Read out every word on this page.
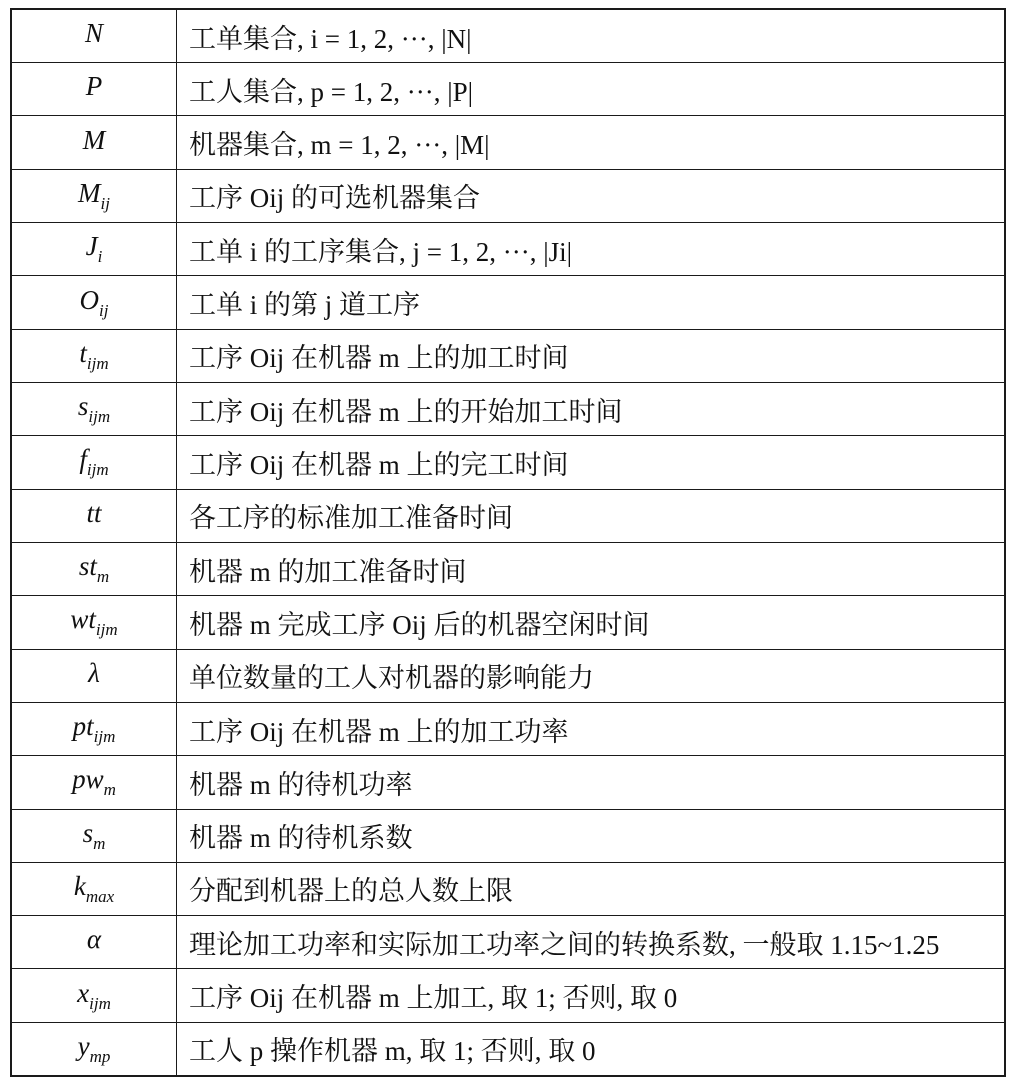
N	工单集合, i = 1, 2, ···, |N|
P	工人集合, p = 1, 2, ···, |P|
M	机器集合, m = 1, 2, ···, |M|
$M_{ij}$	工序 Oij 的可选机器集合
$J_i$	工单 i 的工序集合, j = 1, 2, ···, |Ji|
$O_{ij}$	工单 i 的第 j 道工序
$t_{ijm}$	工序 Oij 在机器 m 上的加工时间
$s_{ijm}$	工序 Oij 在机器 m 上的开始加工时间
$f_{ijm}$	工序 Oij 在机器 m 上的完工时间
tt	各工序的标准加工准备时间
$st_m$	机器 m 的加工准备时间
$wt_{ijm}$	机器 m 完成工序 Oij 后的机器空闲时间
λ	单位数量的工人对机器的影响能力
$pt_{ijm}$	工序 Oij 在机器 m 上的加工功率
$pw_m$	机器 m 的待机功率
$s_m$	机器 m 的待机系数
$k_{max}$	分配到机器上的总人数上限
α	理论加工功率和实际加工功率之间的转换系数, 一般取 1.15~1.25
$x_{ijm}$	工序 Oij 在机器 m 上加工, 取 1; 否则, 取 0
$y_{mp}$	工人 p 操作机器 m, 取 1; 否则, 取 0
